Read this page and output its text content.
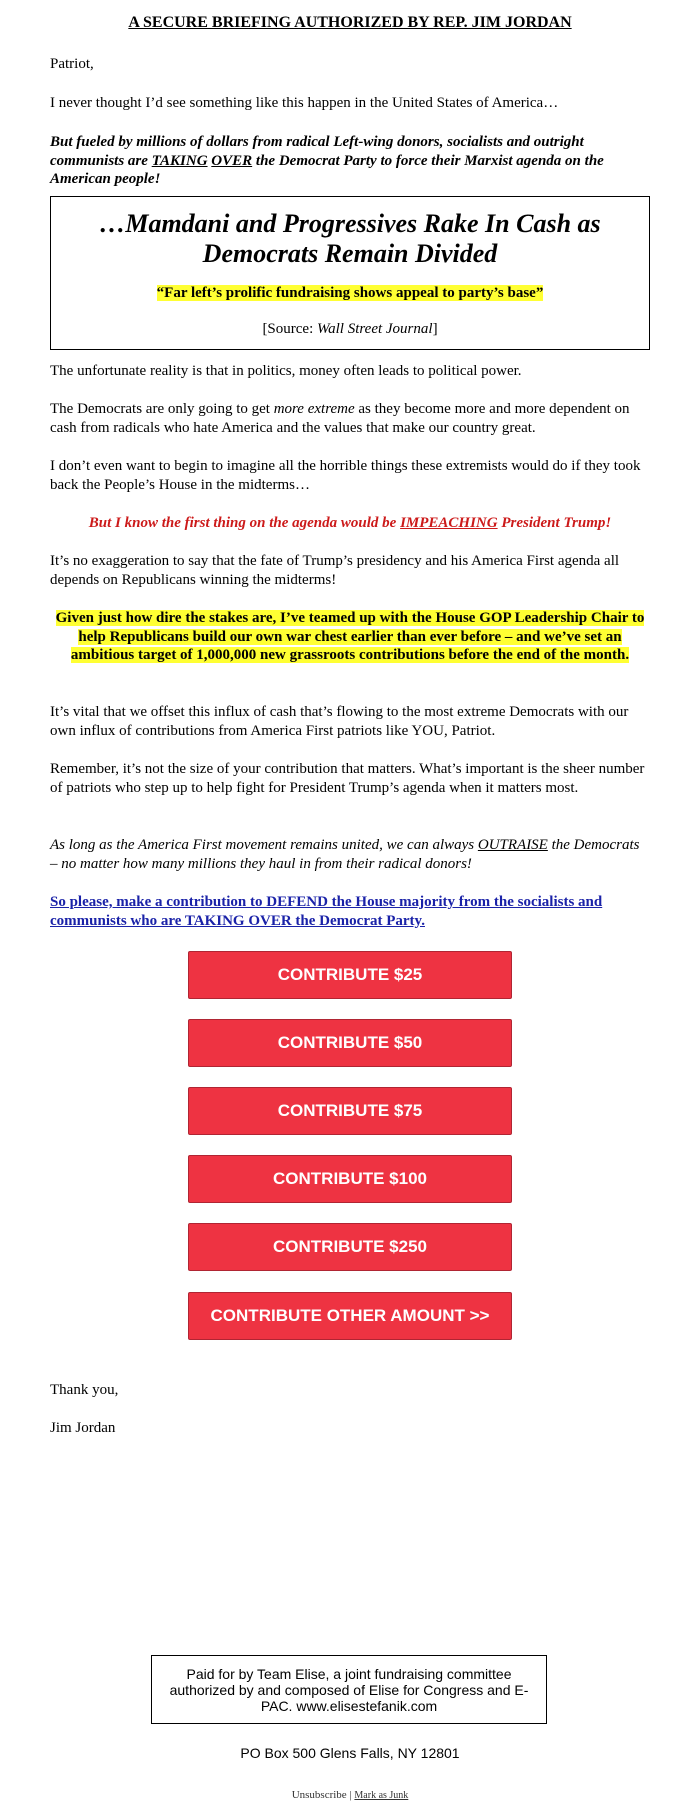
A SECURE BRIEFING AUTHORIZED BY REP. JIM JORDAN

Patriot,

I never thought I’d see something like this happen in the United States of America…

But fueled by millions of dollars from radical Left-wing donors, socialists and outright communists are TAKING OVER the Democrat Party to force their Marxist agenda on the American people!

…Mamdani and Progressives Rake In Cash as Democrats Remain Divided
“Far left’s prolific fundraising shows appeal to party’s base”
[Source: Wall Street Journal]

The unfortunate reality is that in politics, money often leads to political power.

The Democrats are only going to get more extreme as they become more and more dependent on cash from radicals who hate America and the values that make our country great.

I don’t even want to begin to imagine all the horrible things these extremists would do if they took back the People’s House in the midterms…

But I know the first thing on the agenda would be IMPEACHING President Trump!

It’s no exaggeration to say that the fate of Trump’s presidency and his America First agenda all depends on Republicans winning the midterms!

Given just how dire the stakes are, I’ve teamed up with the House GOP Leadership Chair to help Republicans build our own war chest earlier than ever before – and we’ve set an ambitious target of 1,000,000 new grassroots contributions before the end of the month.

It’s vital that we offset this influx of cash that’s flowing to the most extreme Democrats with our own influx of contributions from America First patriots like YOU, Patriot.

Remember, it’s not the size of your contribution that matters. What’s important is the sheer number of patriots who step up to help fight for President Trump’s agenda when it matters most.

As long as the America First movement remains united, we can always OUTRAISE the Democrats – no matter how many millions they haul in from their radical donors!

So please, make a contribution to DEFEND the House majority from the socialists and communists who are TAKING OVER the Democrat Party.

CONTRIBUTE $25
CONTRIBUTE $50
CONTRIBUTE $75
CONTRIBUTE $100
CONTRIBUTE $250
CONTRIBUTE OTHER AMOUNT >>

Thank you,

Jim Jordan

Paid for by Team Elise, a joint fundraising committee authorized by and composed of Elise for Congress and E-PAC. www.elisestefanik.com
PO Box 500 Glens Falls, NY 12801
Unsubscribe | Mark as Junk
